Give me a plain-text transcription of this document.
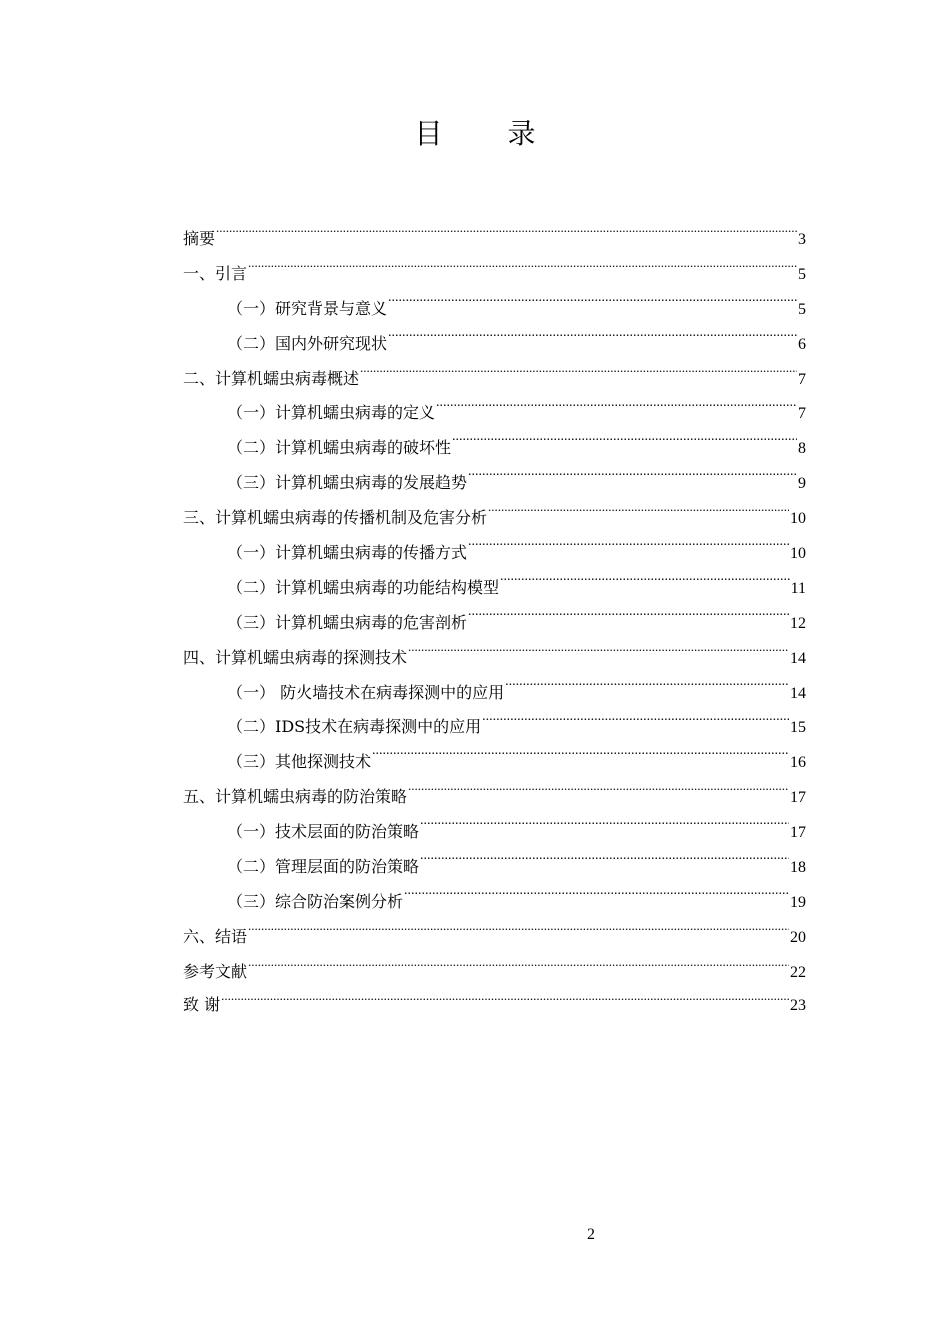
目 录
摘要 .....	3
一、引言 .....	5
（一）研究背景与意义 .....	5
（二）国内外研究现状 .....	6
二、计算机蠕虫病毒概述 .....	7
（一）计算机蠕虫病毒的定义 .....	7
（二）计算机蠕虫病毒的破坏性 .....	8
（三）计算机蠕虫病毒的发展趋势 .....	9
三、计算机蠕虫病毒的传播机制及危害分析 .....	10
（一）计算机蠕虫病毒的传播方式 .....	10
（二）计算机蠕虫病毒的功能结构模型 .....	11
（三）计算机蠕虫病毒的危害剖析 .....	12
四、计算机蠕虫病毒的探测技术 .....	14
（一） 防火墙技术在病毒探测中的应用 .....	14
（二）IDS技术在病毒探测中的应用 .....	15
（三）其他探测技术 .....	16
五、计算机蠕虫病毒的防治策略 .....	17
（一）技术层面的防治策略 .....	17
（二）管理层面的防治策略 .....	18
（三）综合防治案例分析 .....	19
六、结语 .....	20
参考文献 .....	22
致 谢 .....	23
2
